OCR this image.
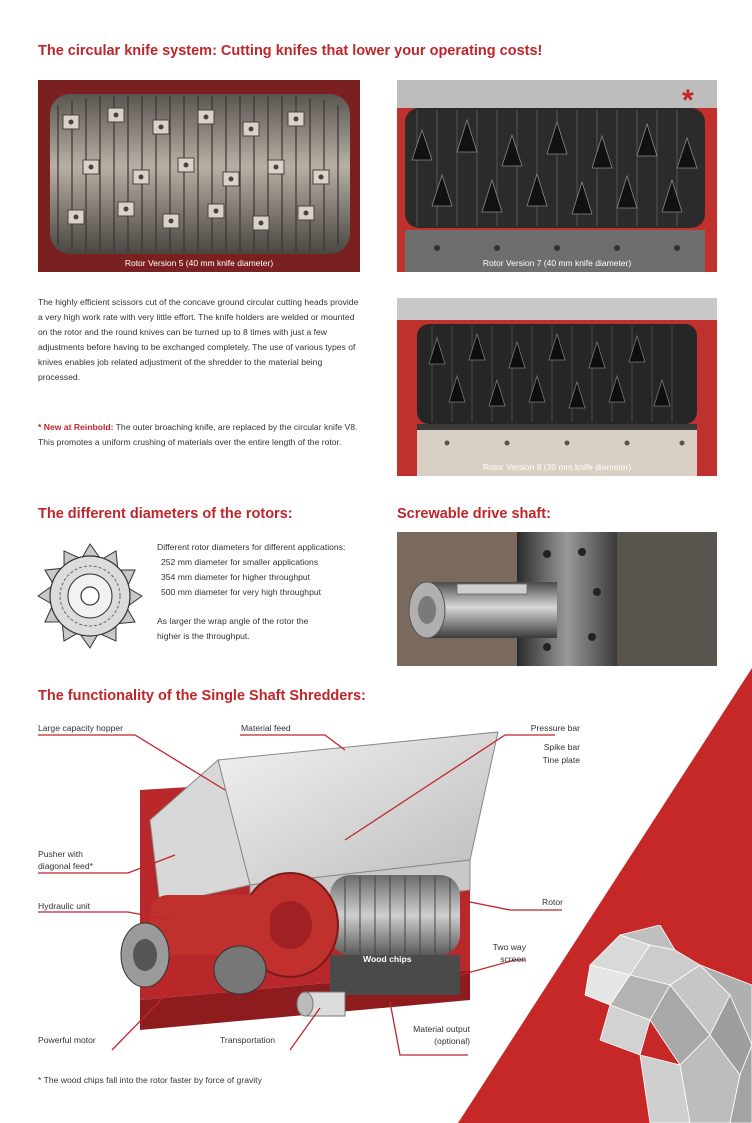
The circular knife system: Cutting knifes that lower your operating costs!
Rotor Version 5 (40 mm knife diameter)	Rotor Version 7 (40 mm knife diameter)
*
Rotor Version 8 (30 mm knife diameter)

The highly efficient scissors cut of the concave ground circular cutting heads provide a very high work rate with very little effort. The knife holders are welded or mounted on the rotor and the round knives can be turned up to 8 times with just a few adjustments before having to be exchanged completely. The use of various types of knives enables job related adjustment of the shredder to the material being processed.

* New at Reinbold: The outer broaching knife, are replaced by the circular knife V8. This promotes a uniform crushing of materials over the entire length of the rotor.

The different diameters of the rotors:
Different rotor diameters for different applications:
252 mm diameter for smaller applications
354 mm diameter for higher throughput
500 mm diameter for very high throughput
As larger the wrap angle of the rotor the higher is the throughput.
Screwable drive shaft:
The functionality of the Single Shaft Shredders:
Large capacity hopper	Material feed	Pressure bar
Spike bar
Tine plate
Pusher with
diagonal feed*
Hydraulic unit	Rotor
Two way
screen
Wood chips
Powerful motor	Transportation
Material output
(optional)
* The wood chips fall into the rotor faster by force of gravity
